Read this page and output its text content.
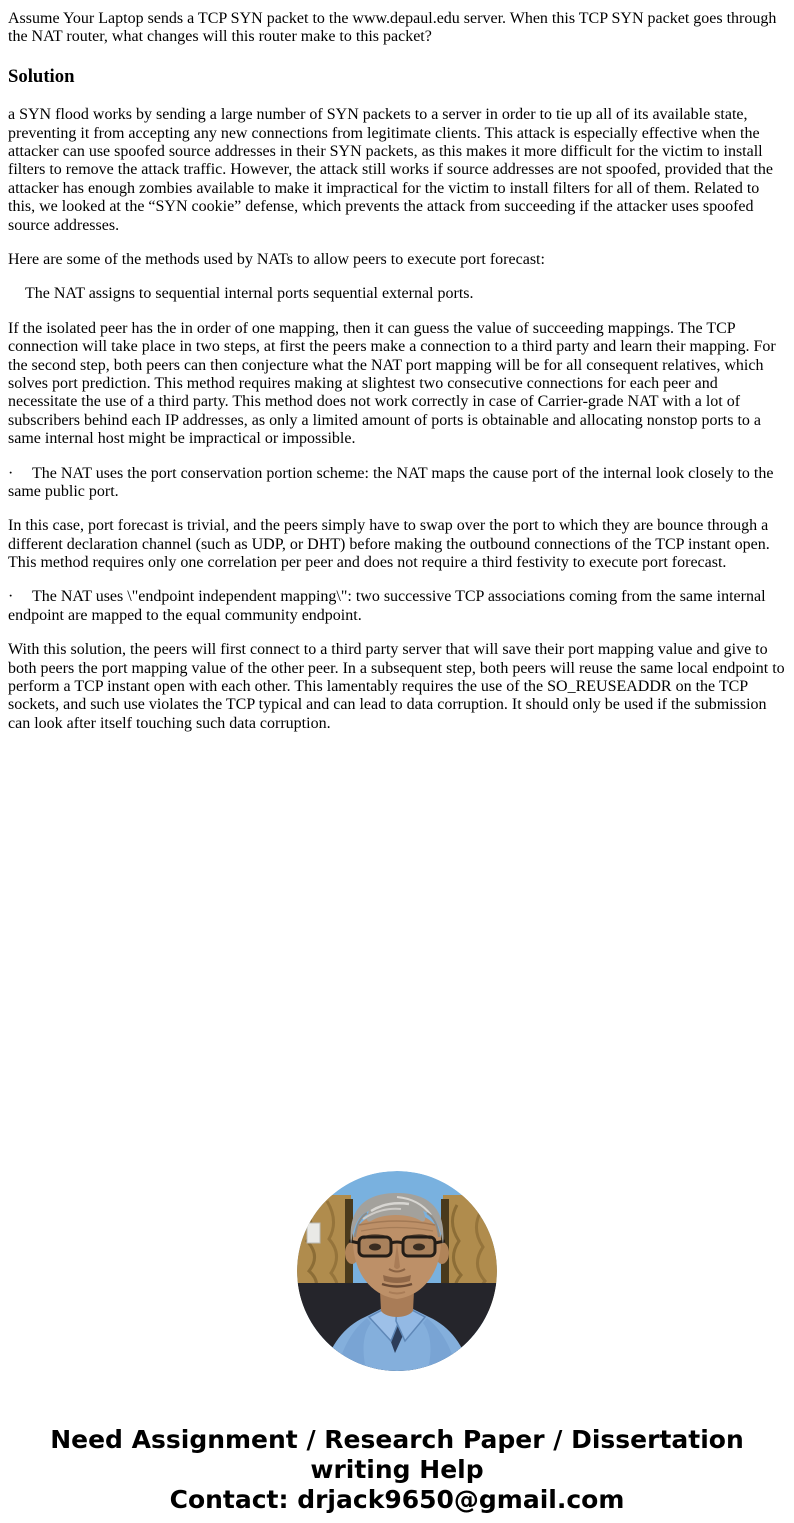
Assume Your Laptop sends a TCP SYN packet to the www.depaul.edu server. When this TCP SYN packet goes through the NAT router, what changes will this router make to this packet?

Solution

a SYN flood works by sending a large number of SYN packets to a server in order to tie up all of its available state, preventing it from accepting any new connections from legitimate clients. This attack is especially effective when the attacker can use spoofed source addresses in their SYN packets, as this makes it more difficult for the victim to install filters to remove the attack traffic. However, the attack still works if source addresses are not spoofed, provided that the attacker has enough zombies available to make it impractical for the victim to install filters for all of them. Related to this, we looked at the “SYN cookie” defense, which prevents the attack from succeeding if the attacker uses spoofed source addresses.

Here are some of the methods used by NATs to allow peers to execute port forecast:

The NAT assigns to sequential internal ports sequential external ports.

If the isolated peer has the in order of one mapping, then it can guess the value of succeeding mappings. The TCP connection will take place in two steps, at first the peers make a connection to a third party and learn their mapping. For the second step, both peers can then conjecture what the NAT port mapping will be for all consequent relatives, which solves port prediction. This method requires making at slightest two consecutive connections for each peer and necessitate the use of a third party. This method does not work correctly in case of Carrier-grade NAT with a lot of subscribers behind each IP addresses, as only a limited amount of ports is obtainable and allocating nonstop ports to a same internal host might be impractical or impossible.

· The NAT uses the port conservation portion scheme: the NAT maps the cause port of the internal look closely to the same public port.

In this case, port forecast is trivial, and the peers simply have to swap over the port to which they are bounce through a different declaration channel (such as UDP, or DHT) before making the outbound connections of the TCP instant open. This method requires only one correlation per peer and does not require a third festivity to execute port forecast.

· The NAT uses \"endpoint independent mapping\": two successive TCP associations coming from the same internal endpoint are mapped to the equal community endpoint.

With this solution, the peers will first connect to a third party server that will save their port mapping value and give to both peers the port mapping value of the other peer. In a subsequent step, both peers will reuse the same local endpoint to perform a TCP instant open with each other. This lamentably requires the use of the SO_REUSEADDR on the TCP sockets, and such use violates the TCP typical and can lead to data corruption. It should only be used if the submission can look after itself touching such data corruption.

Need Assignment / Research Paper / Dissertation writing Help
Contact: drjack9650@gmail.com
